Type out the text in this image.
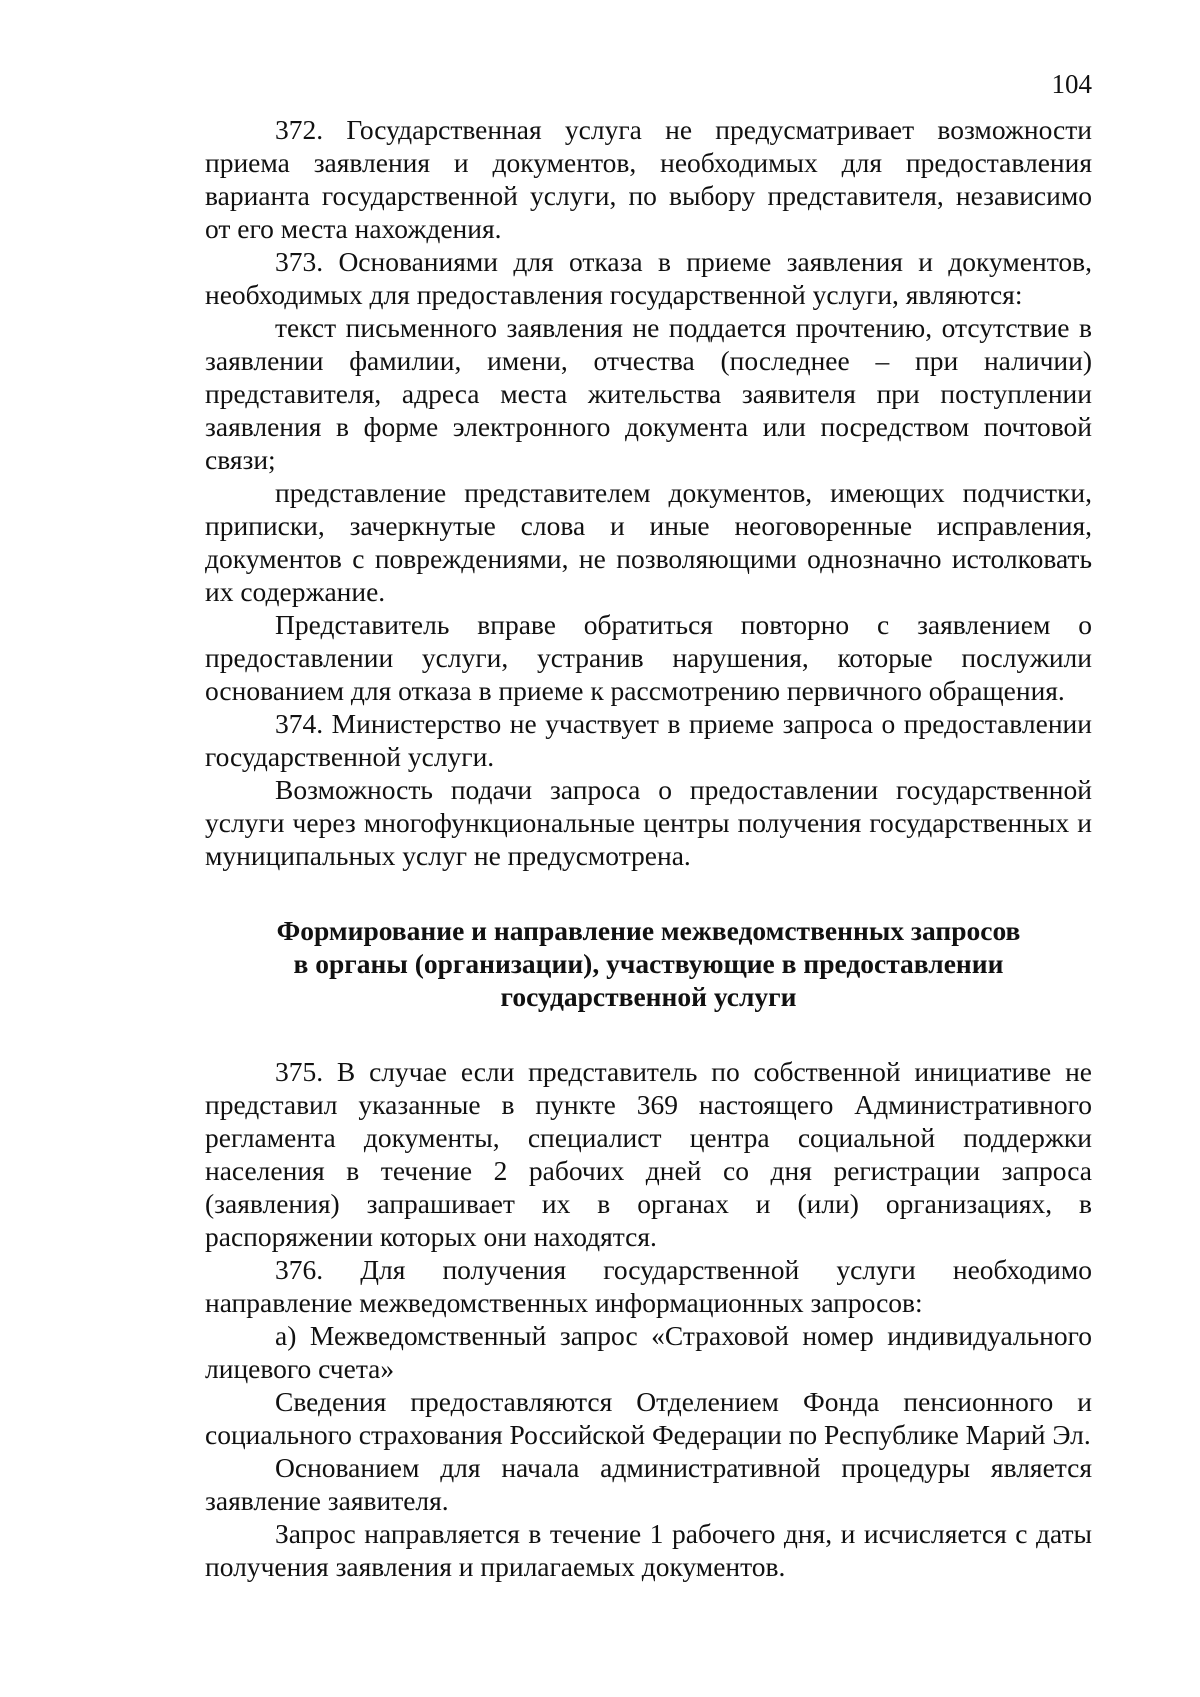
104

372. Государственная услуга не предусматривает возможности приема заявления и документов, необходимых для предоставления варианта государственной услуги, по выбору представителя, независимо от его места нахождения.

373. Основаниями для отказа в приеме заявления и документов, необходимых для предоставления государственной услуги, являются:

текст письменного заявления не поддается прочтению, отсутствие в заявлении фамилии, имени, отчества (последнее – при наличии) представителя, адреса места жительства заявителя при поступлении заявления в форме электронного документа или посредством почтовой связи;

представление представителем документов, имеющих подчистки, приписки, зачеркнутые слова и иные неоговоренные исправления, документов с повреждениями, не позволяющими однозначно истолковать их содержание.

Представитель вправе обратиться повторно с заявлением о предоставлении услуги, устранив нарушения, которые послужили основанием для отказа в приеме к рассмотрению первичного обращения.

374. Министерство не участвует в приеме запроса о предоставлении государственной услуги.

Возможность подачи запроса о предоставлении государственной услуги через многофункциональные центры получения государственных и муниципальных услуг не предусмотрена.

Формирование и направление межведомственных запросов
в органы (организации), участвующие в предоставлении
государственной услуги

375. В случае если представитель по собственной инициативе не представил указанные в пункте 369 настоящего Административного регламента документы, специалист центра социальной поддержки населения в течение 2 рабочих дней со дня регистрации запроса (заявления) запрашивает их в органах и (или) организациях, в распоряжении которых они находятся.

376. Для получения государственной услуги необходимо направление межведомственных информационных запросов:

а) Межведомственный запрос «Страховой номер индивидуального лицевого счета»

Сведения предоставляются Отделением Фонда пенсионного и социального страхования Российской Федерации по Республике Марий Эл.

Основанием для начала административной процедуры является заявление заявителя.

Запрос направляется в течение 1 рабочего дня, и исчисляется с даты получения заявления и прилагаемых документов.
